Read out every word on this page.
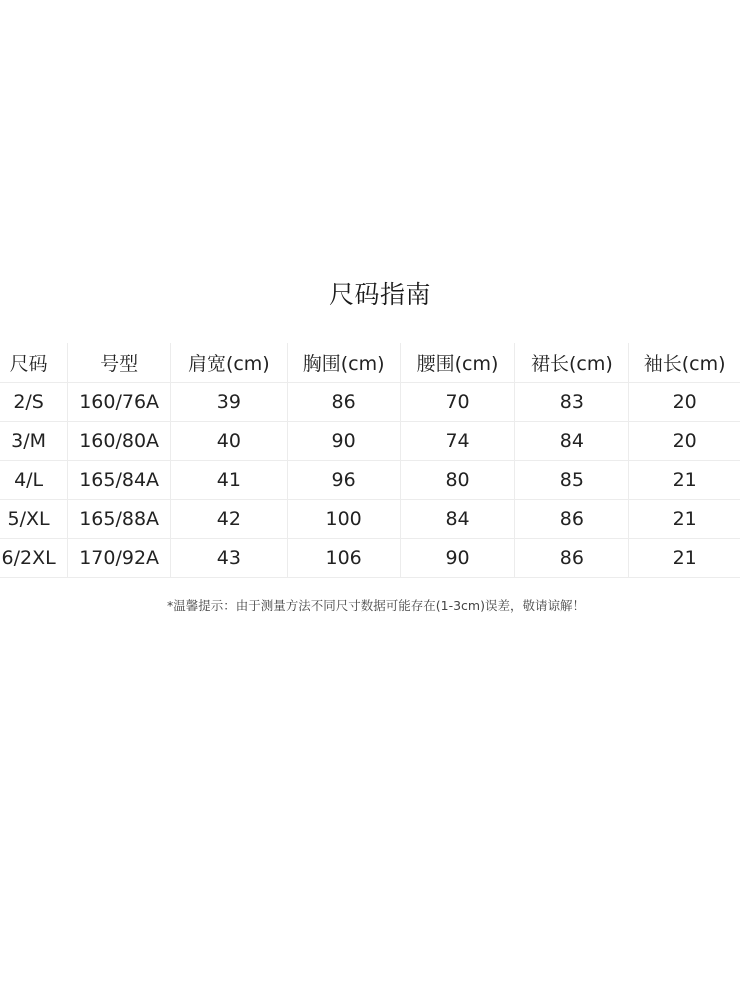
尺码指南
尺码	号型	肩宽(cm)	胸围(cm)	腰围(cm)	裙长(cm)	袖长(cm)
2/S	160/76A	39	86	70	83	20
3/M	160/80A	40	90	74	84	20
4/L	165/84A	41	96	80	85	21
5/XL	165/88A	42	100	84	86	21
6/2XL	170/92A	43	106	90	86	21
*温馨提示：由于测量方法不同尺寸数据可能存在(1-3cm)误差，敬请谅解！
